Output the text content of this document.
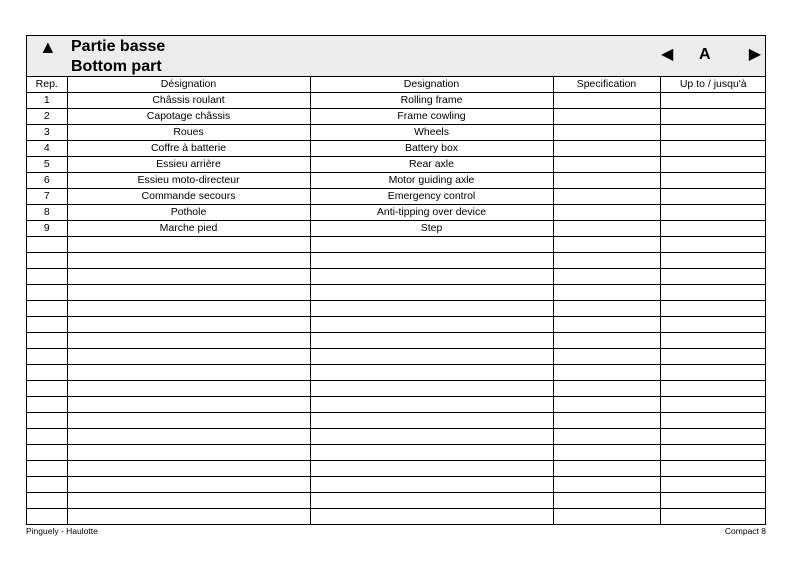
▲ Partie basse
Bottom part
◀ A ▶
Rep.	Désignation	Designation	Specification	Up to / jusqu'à
1	Châssis roulant	Rolling frame		
2	Capotage châssis	Frame cowling		
3	Roues	Wheels		
4	Coffre à batterie	Battery box		
5	Essieu arrière	Rear axle		
6	Essieu moto-directeur	Motor guiding axle		
7	Commande secours	Emergency control		
8	Pothole	Anti-tipping over device		
9	Marche pied	Step		

Pinguely - Haulotte	Compact 8
